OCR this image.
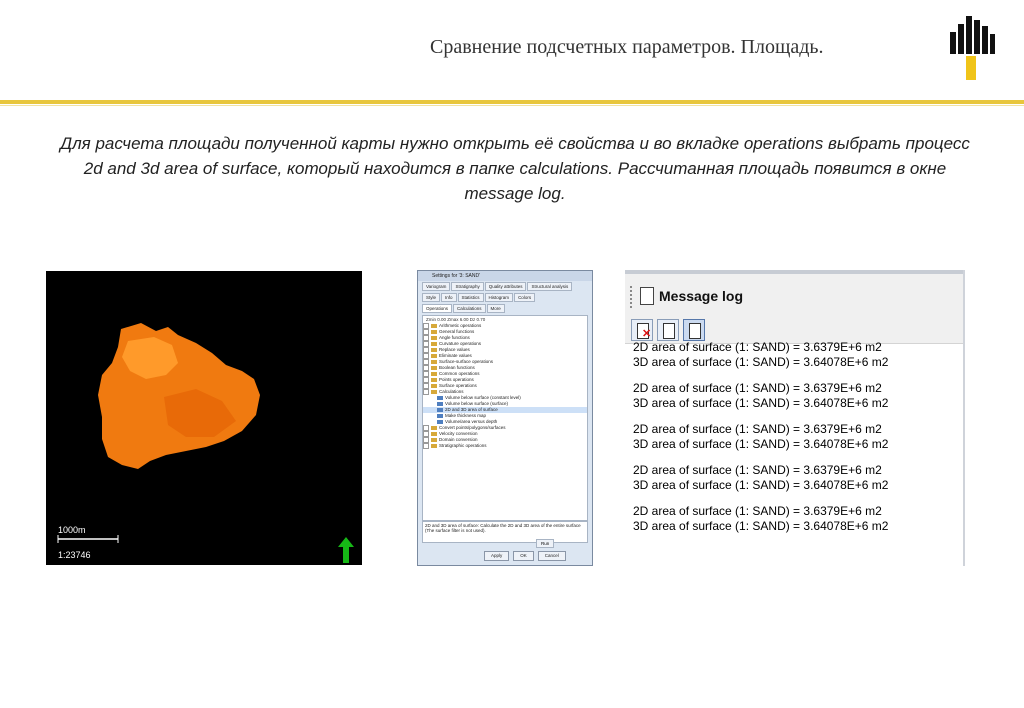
Сравнение подсчетных параметров. Площадь.
Для расчета площади полученной карты нужно открыть её свойства и во вкладке operations выбрать процесс 2d and 3d area of surface, который находится в папке calculations. Рассчитанная площадь появится в окне message log.
1000m
1:23746
Settings for '3: SAND'
Variogram	Stratigraphy	Quality attributes	Structural analysis
Style	Info	Statistics	Histogram	Colors
Operations	Calculations	More
Zmin 0.00 Zmax 6.00 Dz 0.70
Arithmetic operations
General functions
Angle functions
Curvature operations
Replace values
Eliminate values
Surface-surface operations
Boolean functions
Common operations
Points operations
Surface operations
Calculations
Volume below surface (constant level)
Volume below surface (surface)
2D and 3D area of surface
Make thickness map
Volume/area versus depth
Convert points/polygons/surfaces
Velocity conversion
Domain conversion
Stratigraphic operations
2D and 3D area of surface: Calculate the 2D and 3D area of the entire surface (The surface filter is not used).
Run
Apply	OK	Cancel
Message log
✕
2D area of surface (1: SAND) = 3.6379E+6 m2
3D area of surface (1: SAND) = 3.64078E+6 m2
2D area of surface (1: SAND) = 3.6379E+6 m2
3D area of surface (1: SAND) = 3.64078E+6 m2
2D area of surface (1: SAND) = 3.6379E+6 m2
3D area of surface (1: SAND) = 3.64078E+6 m2
2D area of surface (1: SAND) = 3.6379E+6 m2
3D area of surface (1: SAND) = 3.64078E+6 m2
2D area of surface (1: SAND) = 3.6379E+6 m2
3D area of surface (1: SAND) = 3.64078E+6 m2
